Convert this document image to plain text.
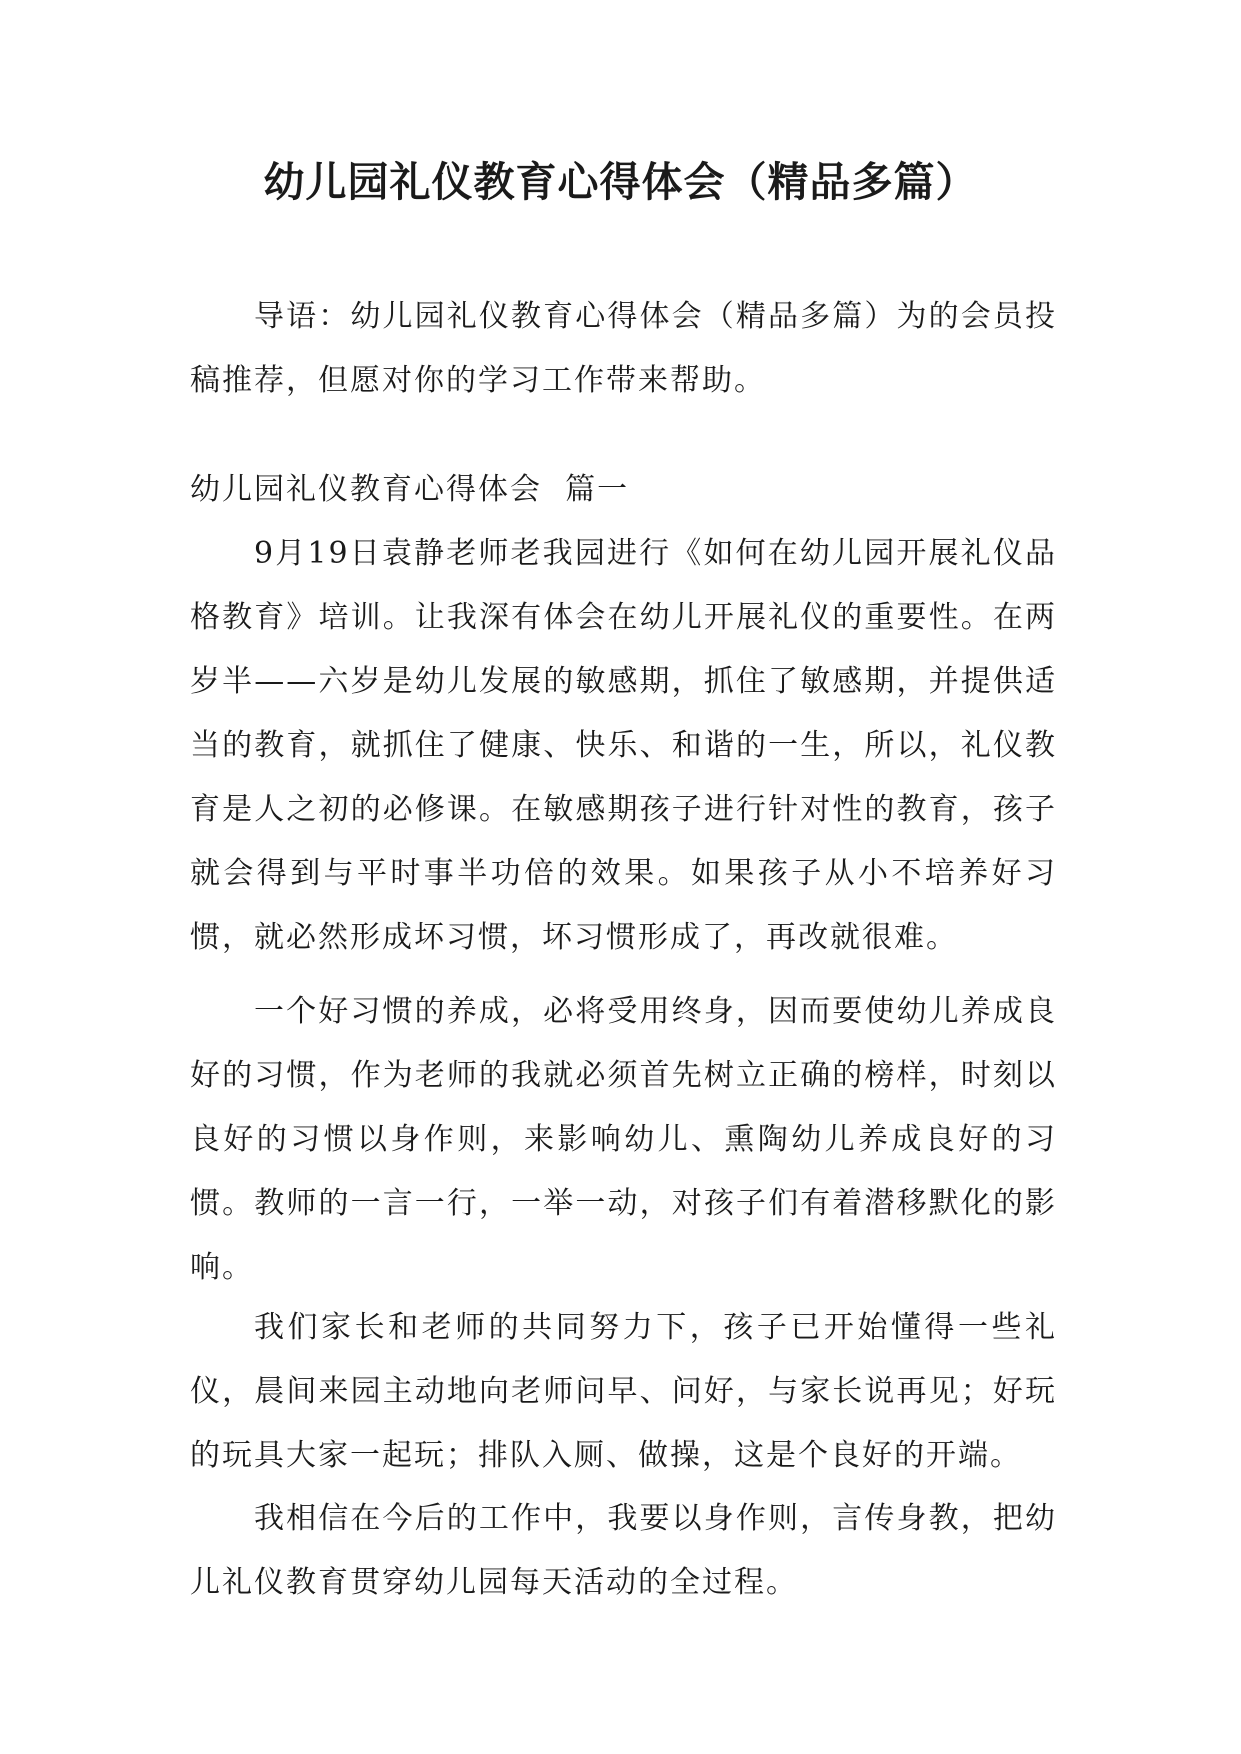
幼儿园礼仪教育心得体会（精品多篇）

导语：幼儿园礼仪教育心得体会（精品多篇）为的会员投稿推荐，但愿对你的学习工作带来帮助。

幼儿园礼仪教育心得体会  篇一

9月19日袁静老师老我园进行《如何在幼儿园开展礼仪品格教育》培训。让我深有体会在幼儿开展礼仪的重要性。在两岁半——六岁是幼儿发展的敏感期，抓住了敏感期，并提供适当的教育，就抓住了健康、快乐、和谐的一生，所以，礼仪教育是人之初的必修课。在敏感期孩子进行针对性的教育，孩子就会得到与平时事半功倍的效果。如果孩子从小不培养好习惯，就必然形成坏习惯，坏习惯形成了，再改就很难。

一个好习惯的养成，必将受用终身，因而要使幼儿养成良好的习惯，作为老师的我就必须首先树立正确的榜样，时刻以良好的习惯以身作则，来影响幼儿、熏陶幼儿养成良好的习惯。教师的一言一行，一举一动，对孩子们有着潜移默化的影响。

我们家长和老师的共同努力下，孩子已开始懂得一些礼仪，晨间来园主动地向老师问早、问好，与家长说再见；好玩的玩具大家一起玩；排队入厕、做操，这是个良好的开端。

我相信在今后的工作中，我要以身作则，言传身教，把幼儿礼仪教育贯穿幼儿园每天活动的全过程。
